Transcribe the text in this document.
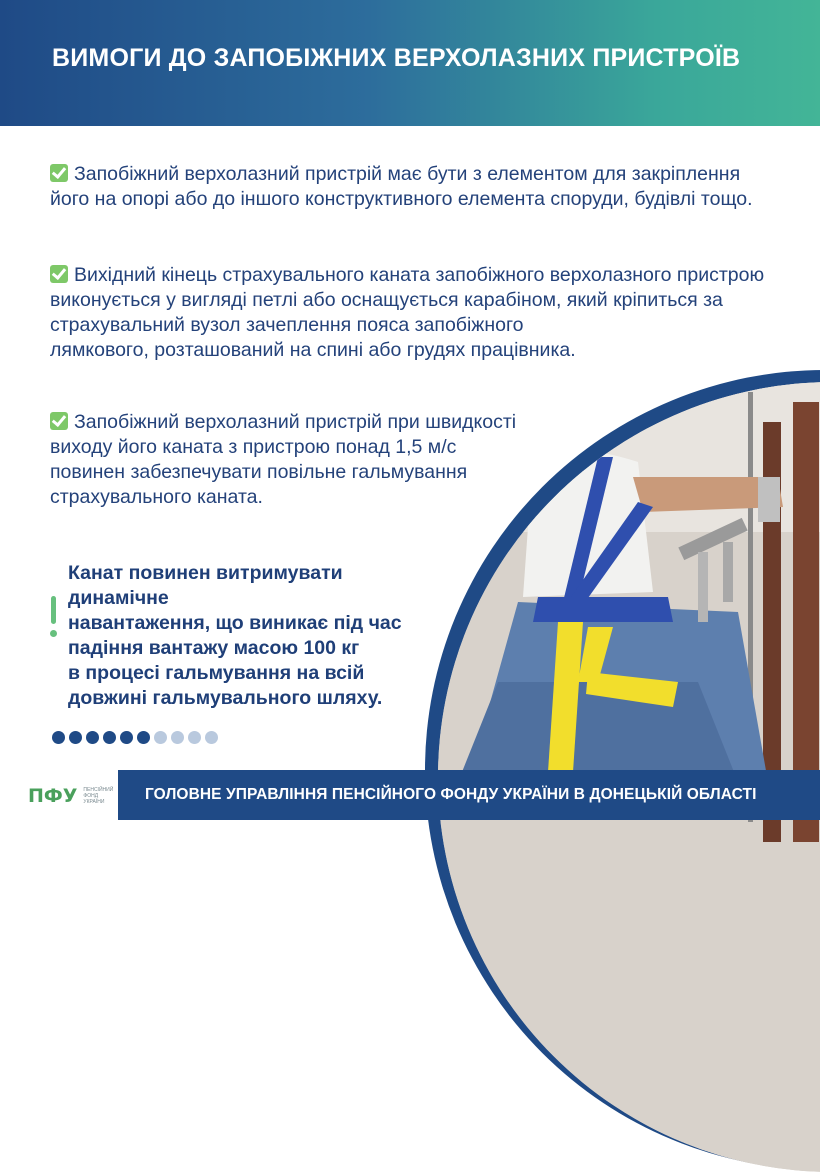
ВИМОГИ ДО ЗАПОБІЖНИХ ВЕРХОЛАЗНИХ ПРИСТРОЇВ
Запобіжний верхолазний пристрій має бути з елементом для закріплення
його на опорі або до іншого конструктивного елемента споруди, будівлі тощо.
Вихідний кінець страхувального каната запобіжного верхолазного пристрою
виконується у вигляді петлі або оснащується карабіном, який кріпиться за
страхувальний вузол зачеплення пояса запобіжного
лямкового, розташований на спині або грудях працівника.
Запобіжний верхолазний пристрій при швидкості
виходу його каната з пристрою понад 1,5 м/с
повинен забезпечувати повільне гальмування
страхувального каната.
Канат повинен витримувати динамічне
навантаження, що виникає під час
падіння вантажу масою 100 кг
в процесі гальмування на всій
довжині гальмувального шляху.
ПФУ ПЕНСІЙНИЙ ФОНД УКРАЇНИ	ГОЛОВНЕ УПРАВЛІННЯ ПЕНСІЙНОГО ФОНДУ УКРАЇНИ В ДОНЕЦЬКІЙ ОБЛАСТІ
